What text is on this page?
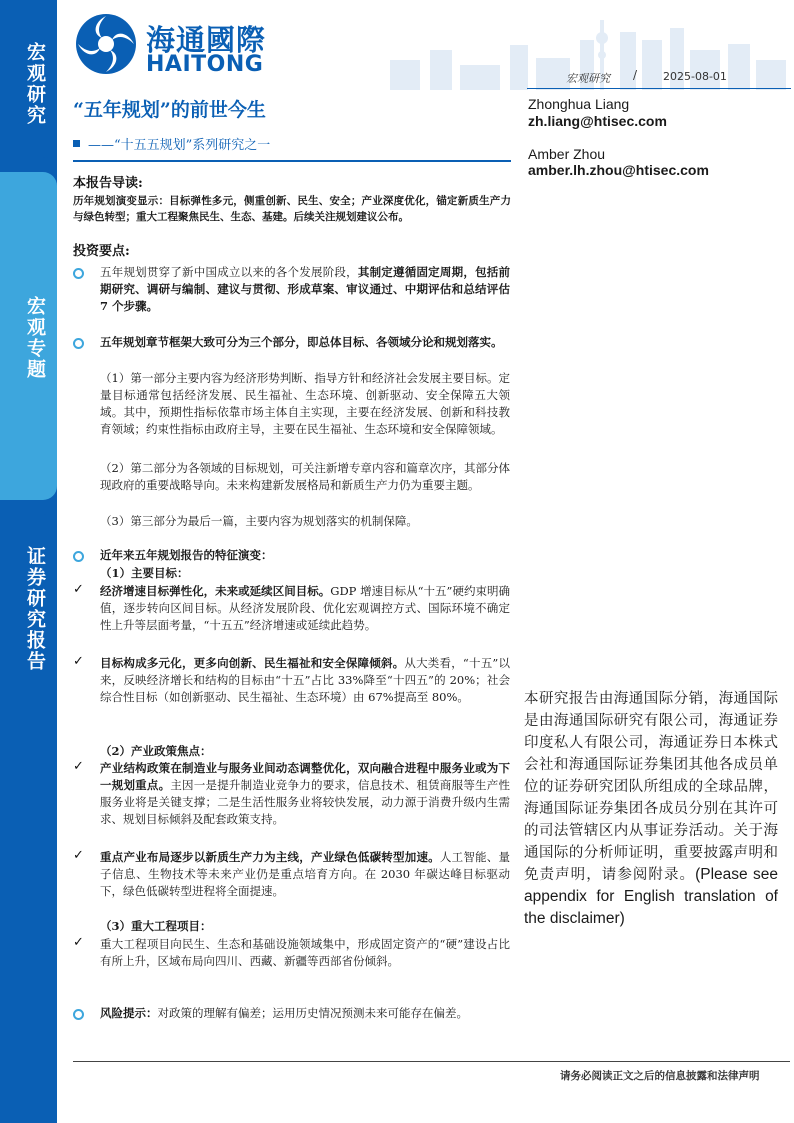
宏观研究
宏观专题
证券研究报告
海通國際
HAITONG
宏观研究 / 2025-08-01
“五年规划”的前世今生
——“十五五规划”系列研究之一
Zhonghua Liang
zh.liang@htisec.com
Amber Zhou
amber.lh.zhou@htisec.com
本报告导读:
历年规划演变显示：目标弹性多元，侧重创新、民生、安全；产业深度优化，锚定新质生产力与绿色转型；重大工程聚焦民生、生态、基建。后续关注规划建议公布。
投资要点:
五年规划贯穿了新中国成立以来的各个发展阶段，其制定遵循固定周期，包括前期研究、调研与编制、建议与贯彻、形成草案、审议通过、中期评估和总结评估 7 个步骤。
五年规划章节框架大致可分为三个部分，即总体目标、各领域分论和规划落实。
（1）第一部分主要内容为经济形势判断、指导方针和经济社会发展主要目标。定量目标通常包括经济发展、民生福祉、生态环境、创新驱动、安全保障五大领域。其中，预期性指标依靠市场主体自主实现，主要在经济发展、创新和科技教育领域；约束性指标由政府主导，主要在民生福祉、生态环境和安全保障领域。
（2）第二部分为各领域的目标规划，可关注新增专章内容和篇章次序，其部分体现政府的重要战略导向。未来构建新发展格局和新质生产力仍为重要主题。
（3）第三部分为最后一篇，主要内容为规划落实的机制保障。
近年来五年规划报告的特征演变：
（1）主要目标：
✓ 经济增速目标弹性化，未来或延续区间目标。GDP 增速目标从“十五”硬约束明确值，逐步转向区间目标。从经济发展阶段、优化宏观调控方式、国际环境不确定性上升等层面考量，“十五五”经济增速或延续此趋势。
✓ 目标构成多元化，更多向创新、民生福祉和安全保障倾斜。从大类看，“十五”以来，反映经济增长和结构的目标由“十五”占比 33%降至“十四五”的 20%；社会综合性目标（如创新驱动、民生福祉、生态环境）由 67%提高至 80%。
（2）产业政策焦点：
✓ 产业结构政策在制造业与服务业间动态调整优化，双向融合进程中服务业或为下一规划重点。主因一是提升制造业竞争力的要求，信息技术、租赁商服等生产性服务业将是关键支撑；二是生活性服务业将较快发展，动力源于消费升级内生需求、规划目标倾斜及配套政策支持。
✓ 重点产业布局逐步以新质生产力为主线，产业绿色低碳转型加速。人工智能、量子信息、生物技术等未来产业仍是重点培育方向。在 2030 年碳达峰目标驱动下，绿色低碳转型进程将全面提速。
（3）重大工程项目：
✓ 重大工程项目向民生、生态和基础设施领域集中，形成固定资产的“硬”建设占比有所上升，区域布局向四川、西藏、新疆等西部省份倾斜。
风险提示：对政策的理解有偏差；运用历史情况预测未来可能存在偏差。
本研究报告由海通国际分销，海通国际是由海通国际研究有限公司，海通证券印度私人有限公司，海通证券日本株式会社和海通国际证券集团其他各成员单位的证券研究团队所组成的全球品牌，海通国际证券集团各成员分别在其许可的司法管辖区内从事证券活动。关于海通国际的分析师证明，重要披露声明和免责声明，请参阅附录。(Please see appendix for English translation of the disclaimer)
请务必阅读正文之后的信息披露和法律声明
